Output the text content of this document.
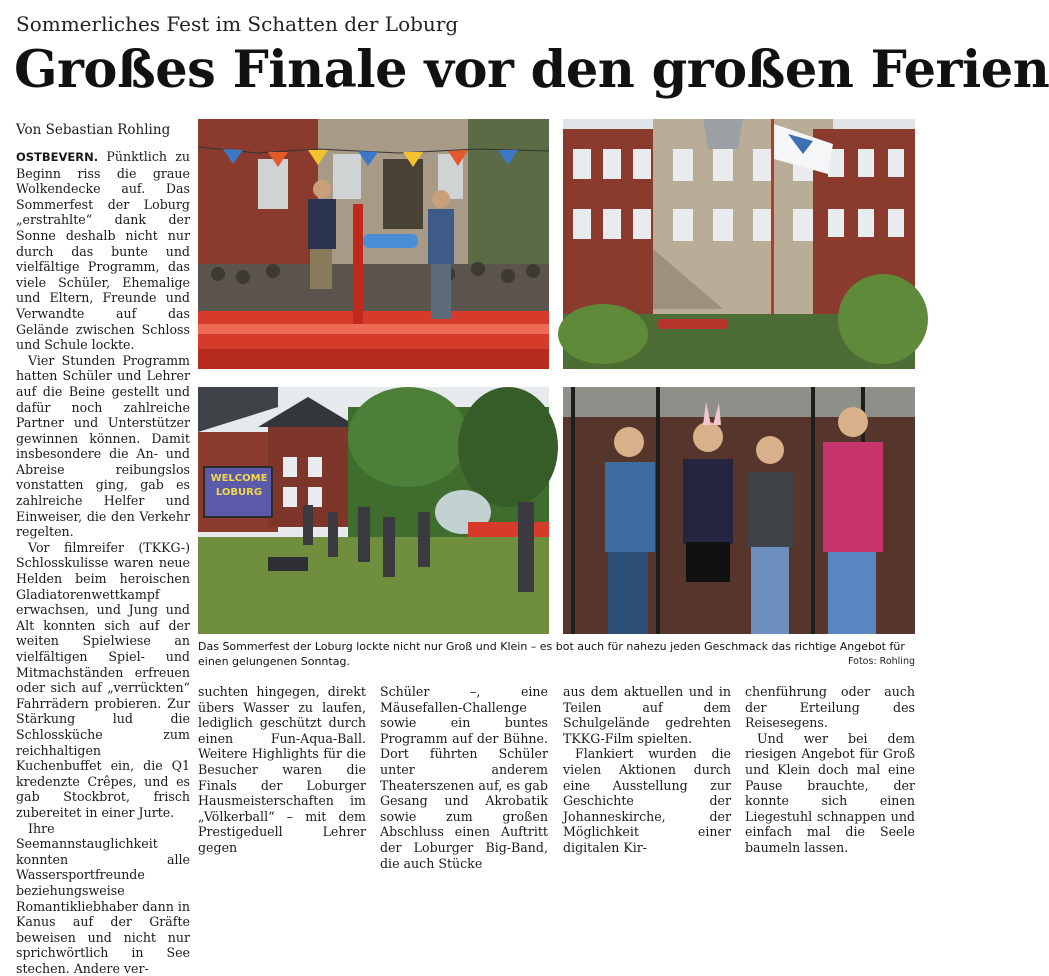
Sommerliches Fest im Schatten der Loburg
Großes Finale vor den großen Ferien
Von Sebastian Rohling

OSTBEVERN. Pünktlich zu Beginn riss die graue Wolkendecke auf. Das Sommerfest der Loburg „erstrahlte“ dank der Sonne deshalb nicht nur durch das bunte und vielfältige Programm, das viele Schüler, Ehemalige und Eltern, Freunde und Verwandte auf das Gelände zwischen Schloss und Schule lockte.

Vier Stunden Programm hatten Schüler und Lehrer auf die Beine gestellt und dafür noch zahlreiche Partner und Unterstützer gewinnen können. Damit insbesondere die An- und Abreise reibungslos vonstatten ging, gab es zahlreiche Helfer und Einweiser, die den Verkehr regelten.

Vor filmreifer (TKKG-) Schlosskulisse waren neue Helden beim heroischen Gladiatorenwettkampf erwachsen, und Jung und Alt konnten sich auf der weiten Spielwiese an vielfältigen Spiel- und Mitmachständen erfreuen oder sich auf „verrückten“ Fahrrädern probieren. Zur Stärkung lud die Schlossküche zum reichhaltigen Kuchenbuffet ein, die Q1 kredenzte Crêpes, und es gab Stockbrot, frisch zubereitet in einer Jurte.

Ihre Seemannstauglichkeit konnten alle Wassersportfreunde beziehungsweise Romantikliebhaber dann in Kanus auf der Gräfte beweisen und nicht nur sprichwörtlich in See stechen. Andere ver-

WELCOME LOBURG
Das Sommerfest der Loburg lockte nicht nur Groß und Klein – es bot auch für nahezu jeden Geschmack das richtige Angebot für einen gelungenen Sonntag.	Fotos: Rohling

suchten hingegen, direkt übers Wasser zu laufen, lediglich geschützt durch einen Fun-Aqua-Ball. Weitere Highlights für die Besucher waren die Finals der Loburger Hausmeisterschaften im „Völkerball“ – mit dem Prestigeduell Lehrer gegen

Schüler –, eine Mäusefallen-Challenge sowie ein buntes Programm auf der Bühne. Dort führten Schüler unter anderem Theaterszenen auf, es gab Gesang und Akrobatik sowie zum großen Abschluss einen Auftritt der Loburger Big-Band, die auch Stücke

aus dem aktuellen und in Teilen auf dem Schulgelände gedrehten TKKG-Film spielten.

Flankiert wurden die vielen Aktionen durch eine Ausstellung zur Geschichte der Johanneskirche, der Möglichkeit einer digitalen Kir-

chenführung oder auch der Erteilung des Reisesegens.

Und wer bei dem riesigen Angebot für Groß und Klein doch mal eine Pause brauchte, der konnte sich einen Liegestuhl schnappen und einfach mal die Seele baumeln lassen.
